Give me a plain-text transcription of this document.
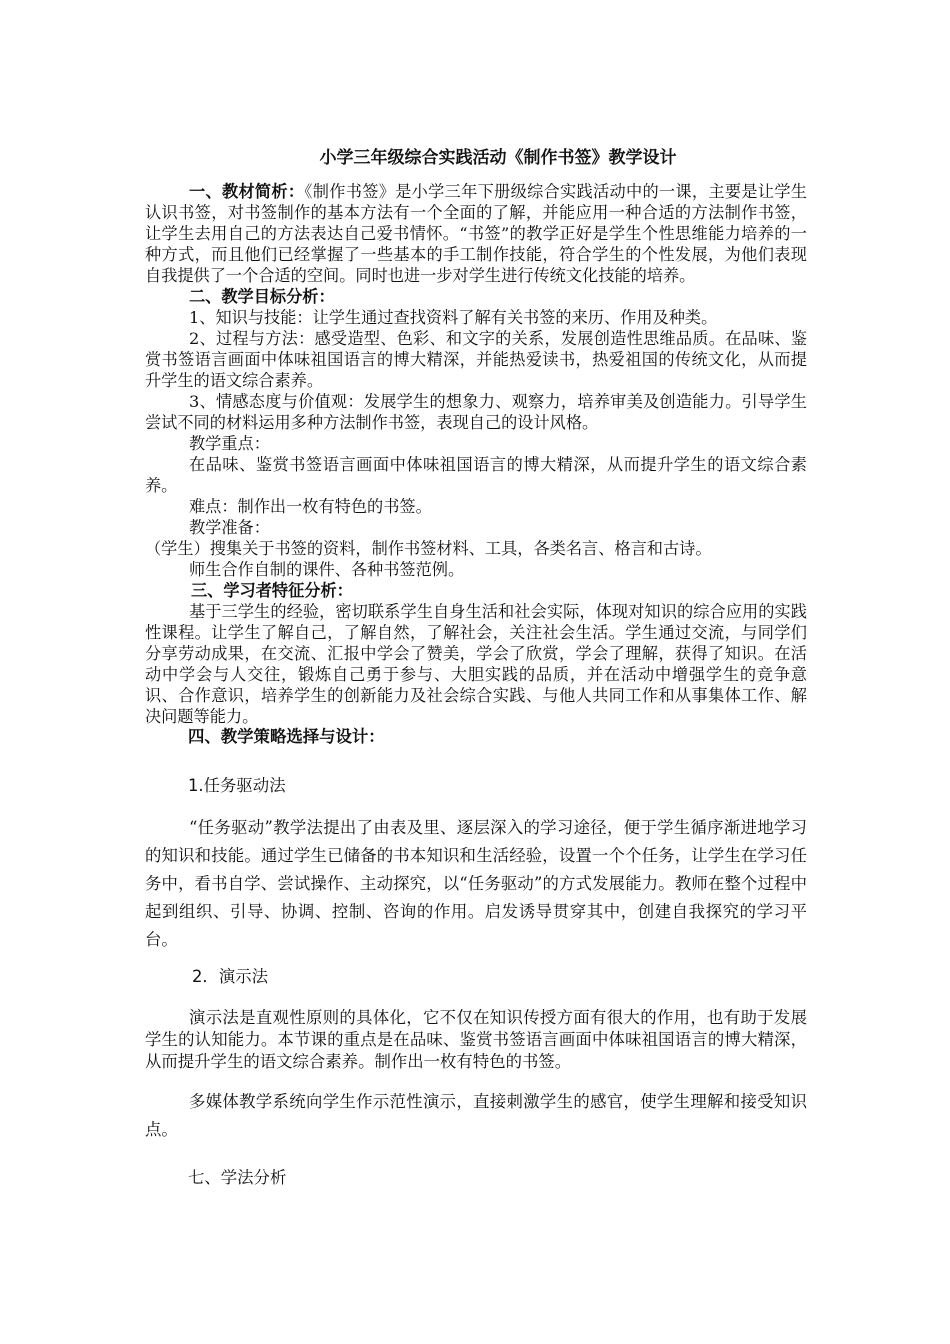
小学三年级综合实践活动《制作书签》教学设计

一、教材简析：《制作书签》是小学三年下册级综合实践活动中的一课，主要是让学生认识书签，对书签制作的基本方法有一个全面的了解，并能应用一种合适的方法制作书签，让学生去用自己的方法表达自己爱书情怀。“书签”的教学正好是学生个性思维能力培养的一种方式，而且他们已经掌握了一些基本的手工制作技能，符合学生的个性发展，为他们表现自我提供了一个合适的空间。同时也进一步对学生进行传统文化技能的培养。

二、教学目标分析：

1、知识与技能：让学生通过查找资料了解有关书签的来历、作用及种类。

2、过程与方法：感受造型、色彩、和文字的关系，发展创造性思维品质。在品味、鉴赏书签语言画面中体味祖国语言的博大精深，并能热爱读书，热爱祖国的传统文化，从而提升学生的语文综合素养。

3、情感态度与价值观：发展学生的想象力、观察力，培养审美及创造能力。引导学生尝试不同的材料运用多种方法制作书签，表现自己的设计风格。

教学重点：

在品味、鉴赏书签语言画面中体味祖国语言的博大精深，从而提升学生的语文综合素养。

难点：制作出一枚有特色的书签。

教学准备：

（学生）搜集关于书签的资料，制作书签材料、工具，各类名言、格言和古诗。

师生合作自制的课件、各种书签范例。

三、学习者特征分析：

基于三学生的经验，密切联系学生自身生活和社会实际，体现对知识的综合应用的实践性课程。让学生了解自己，了解自然，了解社会，关注社会生活。学生通过交流，与同学们分享劳动成果，在交流、汇报中学会了赞美，学会了欣赏，学会了理解，获得了知识。在活动中学会与人交往，锻炼自己勇于参与、大胆实践的品质，并在活动中增强学生的竞争意识、合作意识，培养学生的创新能力及社会综合实践、与他人共同工作和从事集体工作、解决问题等能力。

四、教学策略选择与设计：
1.任务驱动法

“任务驱动”教学法提出了由表及里、逐层深入的学习途径，便于学生循序渐进地学习的知识和技能。通过学生已储备的书本知识和生活经验，设置一个个任务，让学生在学习任务中，看书自学、尝试操作、主动探究，以“任务驱动”的方式发展能力。教师在整个过程中起到组织、引导、协调、控制、咨询的作用。启发诱导贯穿其中，创建自我探究的学习平台。

2．演示法

演示法是直观性原则的具体化，它不仅在知识传授方面有很大的作用，也有助于发展学生的认知能力。本节课的重点是在品味、鉴赏书签语言画面中体味祖国语言的博大精深，从而提升学生的语文综合素养。制作出一枚有特色的书签。

多媒体教学系统向学生作示范性演示，直接刺激学生的感官，使学生理解和接受知识点。

七、学法分析
